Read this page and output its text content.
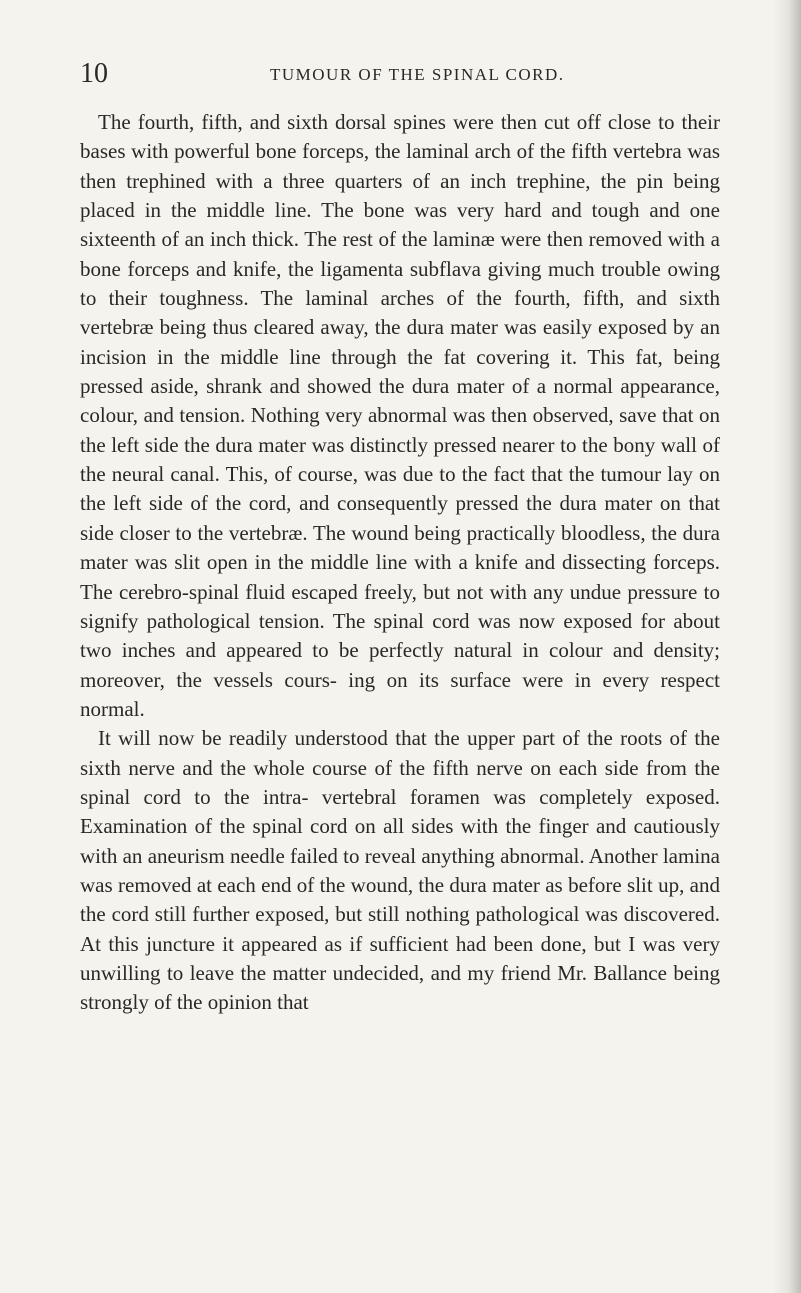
10	TUMOUR OF THE SPINAL CORD.

The fourth, fifth, and sixth dorsal spines were then cut off close to their bases with powerful bone forceps, the laminal arch of the fifth vertebra was then trephined with a three quarters of an inch trephine, the pin being placed in the middle line. The bone was very hard and tough and one sixteenth of an inch thick. The rest of the laminæ were then removed with a bone forceps and knife, the ligamenta subflava giving much trouble owing to their toughness. The laminal arches of the fourth, fifth, and sixth vertebræ being thus cleared away, the dura mater was easily exposed by an incision in the middle line through the fat covering it. This fat, being pressed aside, shrank and showed the dura mater of a normal appearance, colour, and tension. Nothing very abnormal was then observed, save that on the left side the dura mater was distinctly pressed nearer to the bony wall of the neural canal. This, of course, was due to the fact that the tumour lay on the left side of the cord, and consequently pressed the dura mater on that side closer to the vertebræ. The wound being practically bloodless, the dura mater was slit open in the middle line with a knife and dissecting forceps. The cerebro-spinal fluid escaped freely, but not with any undue pressure to signify pathological tension. The spinal cord was now exposed for about two inches and appeared to be perfectly natural in colour and density; moreover, the vessels cours- ing on its surface were in every respect normal.

It will now be readily understood that the upper part of the roots of the sixth nerve and the whole course of the fifth nerve on each side from the spinal cord to the intra- vertebral foramen was completely exposed. Examination of the spinal cord on all sides with the finger and cautiously with an aneurism needle failed to reveal anything abnormal. Another lamina was removed at each end of the wound, the dura mater as before slit up, and the cord still further exposed, but still nothing pathological was discovered. At this juncture it appeared as if sufficient had been done, but I was very unwilling to leave the matter undecided, and my friend Mr. Ballance being strongly of the opinion that
